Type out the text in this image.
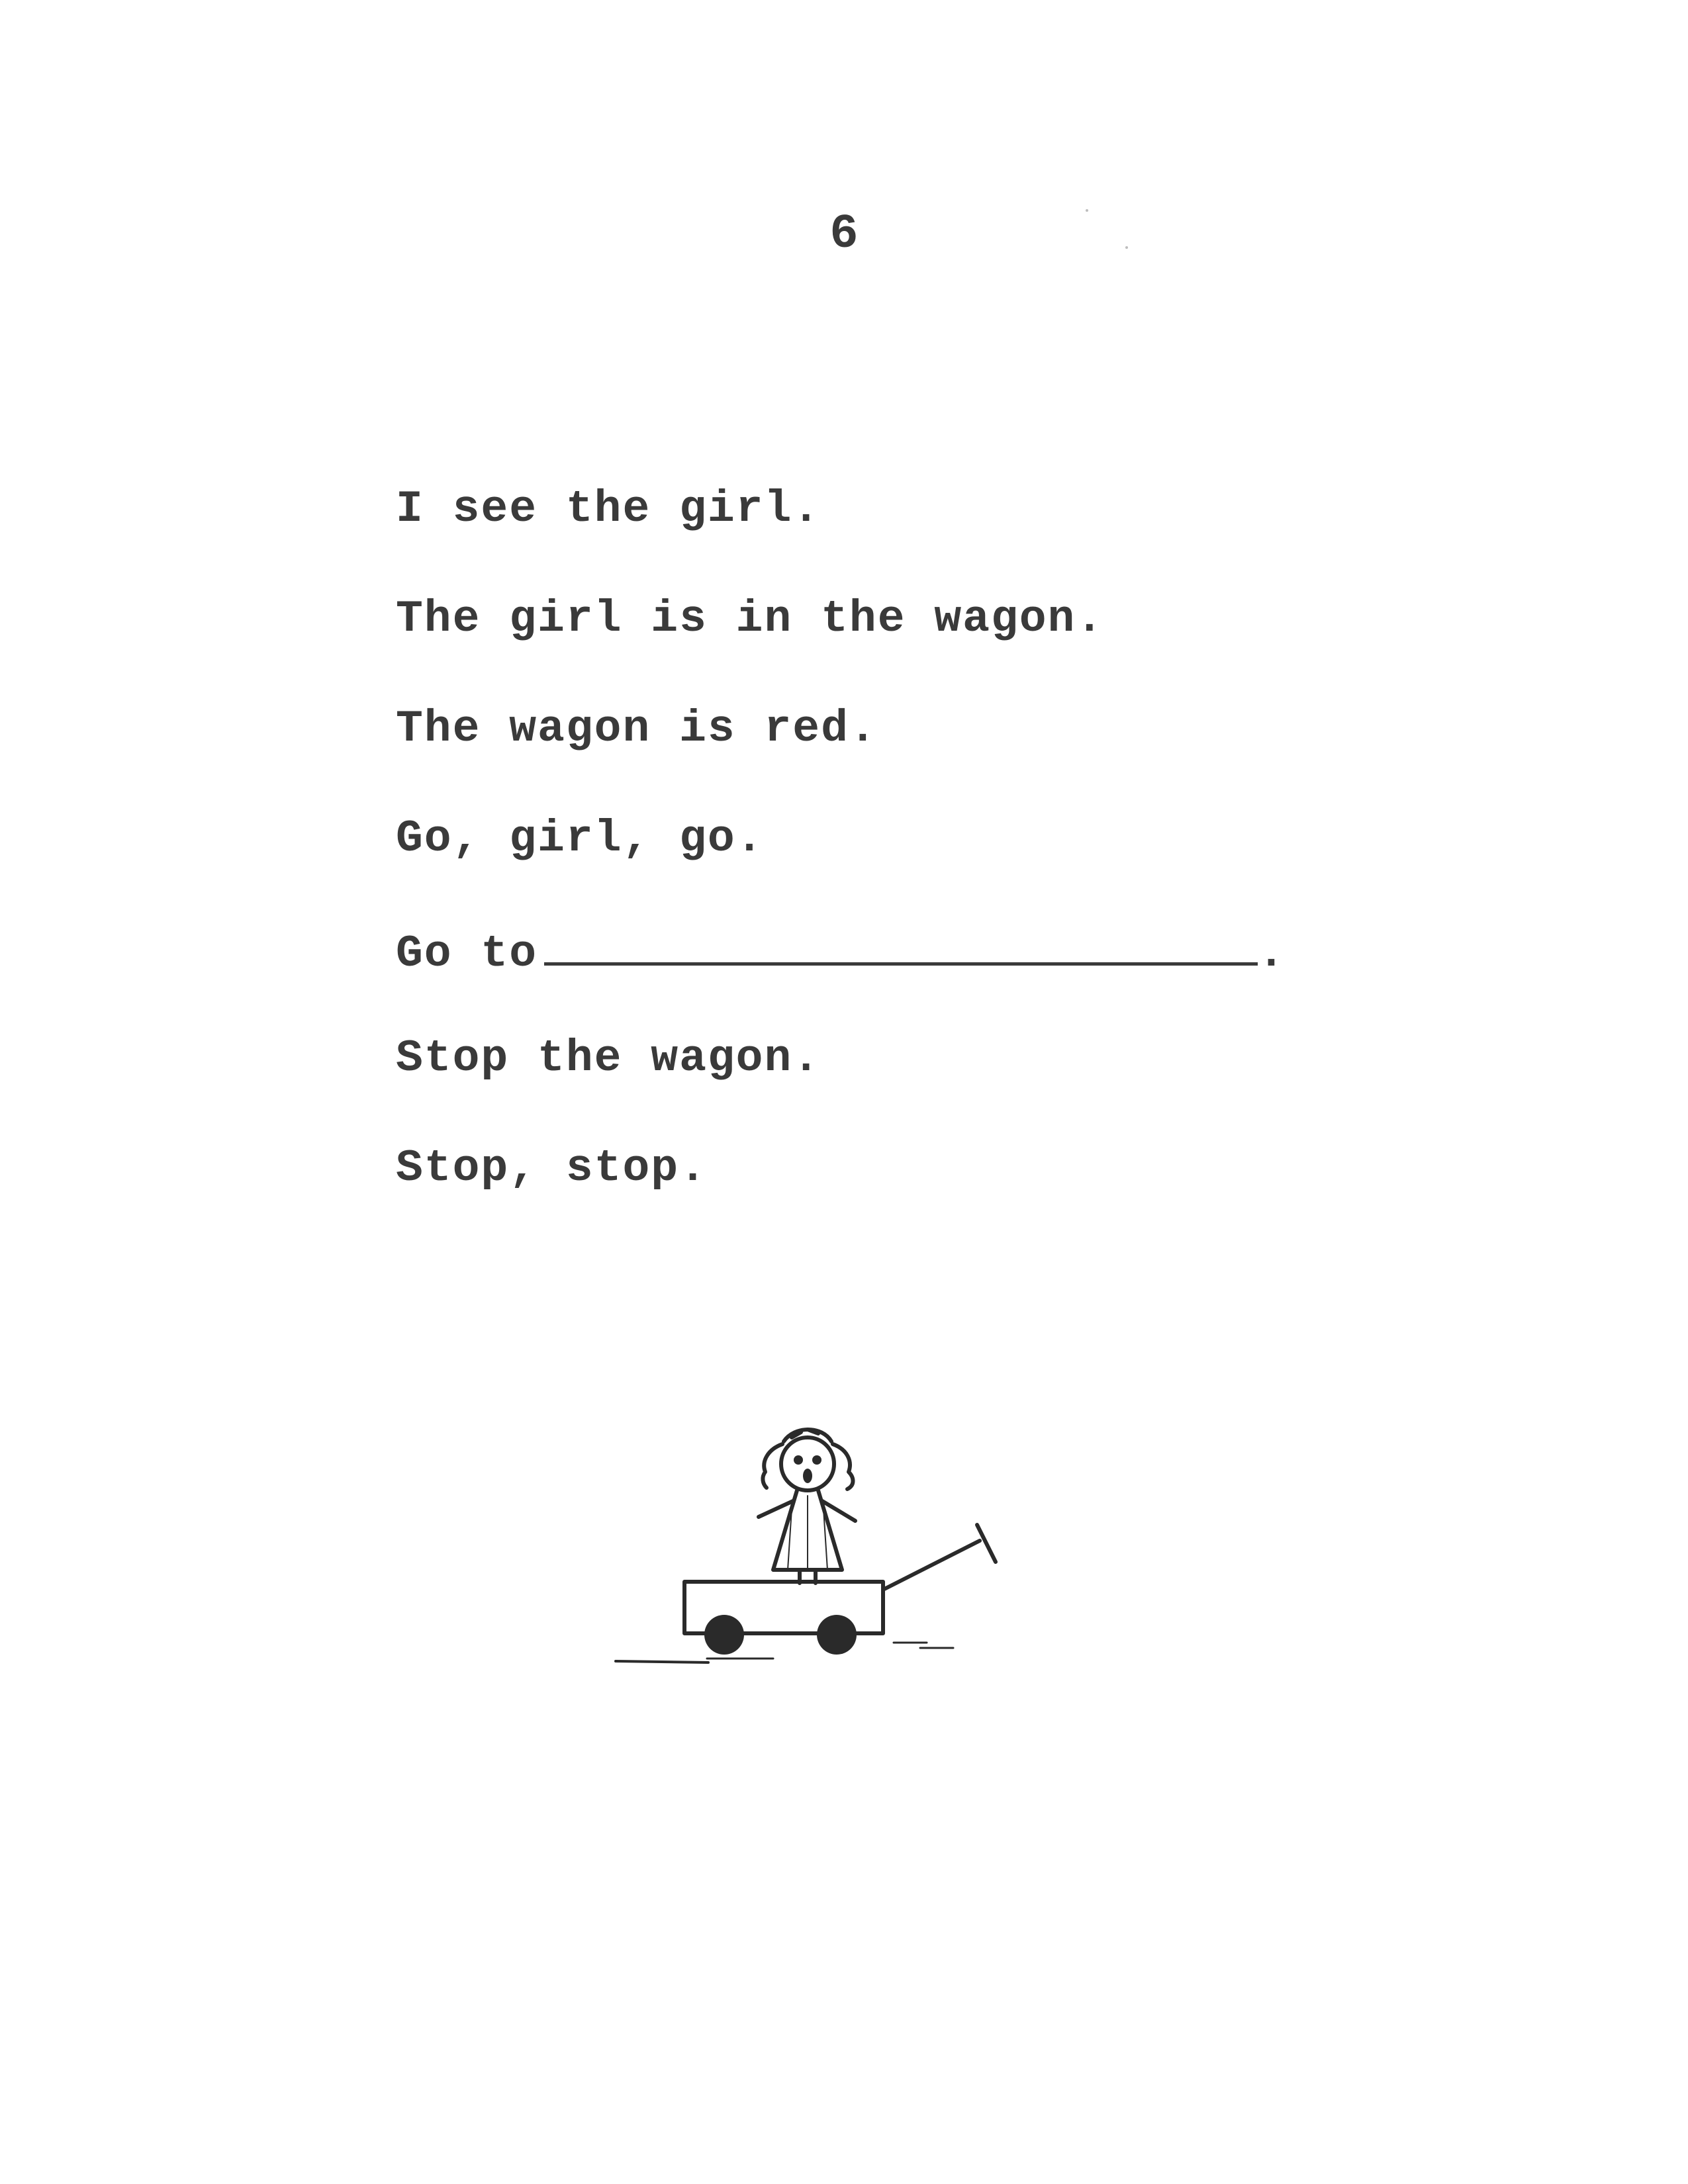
6
I see the girl.
The girl is in the wagon.
The wagon is red.
Go, girl, go.
Go to	.
Stop the wagon.
Stop, stop.
